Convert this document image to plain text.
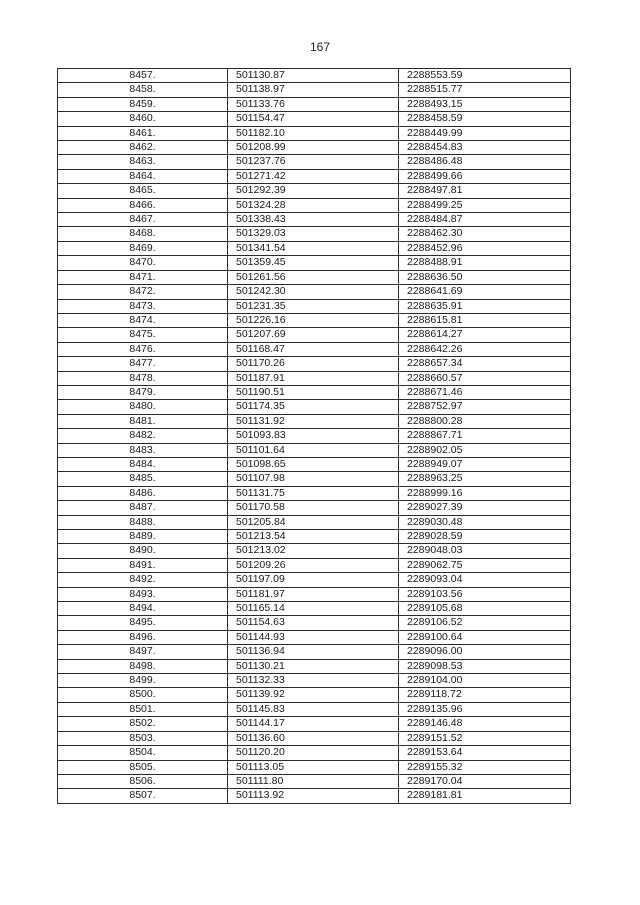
167
8457.	501130.87	2288553.59
8458.	501138.97	2288515.77
8459.	501133.76	2288493.15
8460.	501154.47	2288458.59
8461.	501182.10	2288449.99
8462.	501208.99	2288454.83
8463.	501237.76	2288486.48
8464.	501271.42	2288499.66
8465.	501292.39	2288497.81
8466.	501324.28	2288499.25
8467.	501338.43	2288484.87
8468.	501329.03	2288462.30
8469.	501341.54	2288452.96
8470.	501359.45	2288488.91
8471.	501261.56	2288636.50
8472.	501242.30	2288641.69
8473.	501231.35	2288635.91
8474.	501226.16	2288615.81
8475.	501207.69	2288614.27
8476.	501168.47	2288642.26
8477.	501170.26	2288657.34
8478.	501187.91	2288660.57
8479.	501190.51	2288671.46
8480.	501174.35	2288752.97
8481.	501131.92	2288800.28
8482.	501093.83	2288867.71
8483.	501101.64	2288902.05
8484.	501098.65	2288949.07
8485.	501107.98	2288963.25
8486.	501131.75	2288999.16
8487.	501170.58	2289027.39
8488.	501205.84	2289030.48
8489.	501213.54	2289028.59
8490.	501213.02	2289048.03
8491.	501209.26	2289062.75
8492.	501197.09	2289093.04
8493.	501181.97	2289103.56
8494.	501165.14	2289105.68
8495.	501154.63	2289106.52
8496.	501144.93	2289100.64
8497.	501136.94	2289096.00
8498.	501130.21	2289098.53
8499.	501132.33	2289104.00
8500.	501139.92	2289118.72
8501.	501145.83	2289135.96
8502.	501144.17	2289146.48
8503.	501136.60	2289151.52
8504.	501120.20	2289153.64
8505.	501113.05	2289155.32
8506.	501111.80	2289170.04
8507.	501113.92	2289181.81
